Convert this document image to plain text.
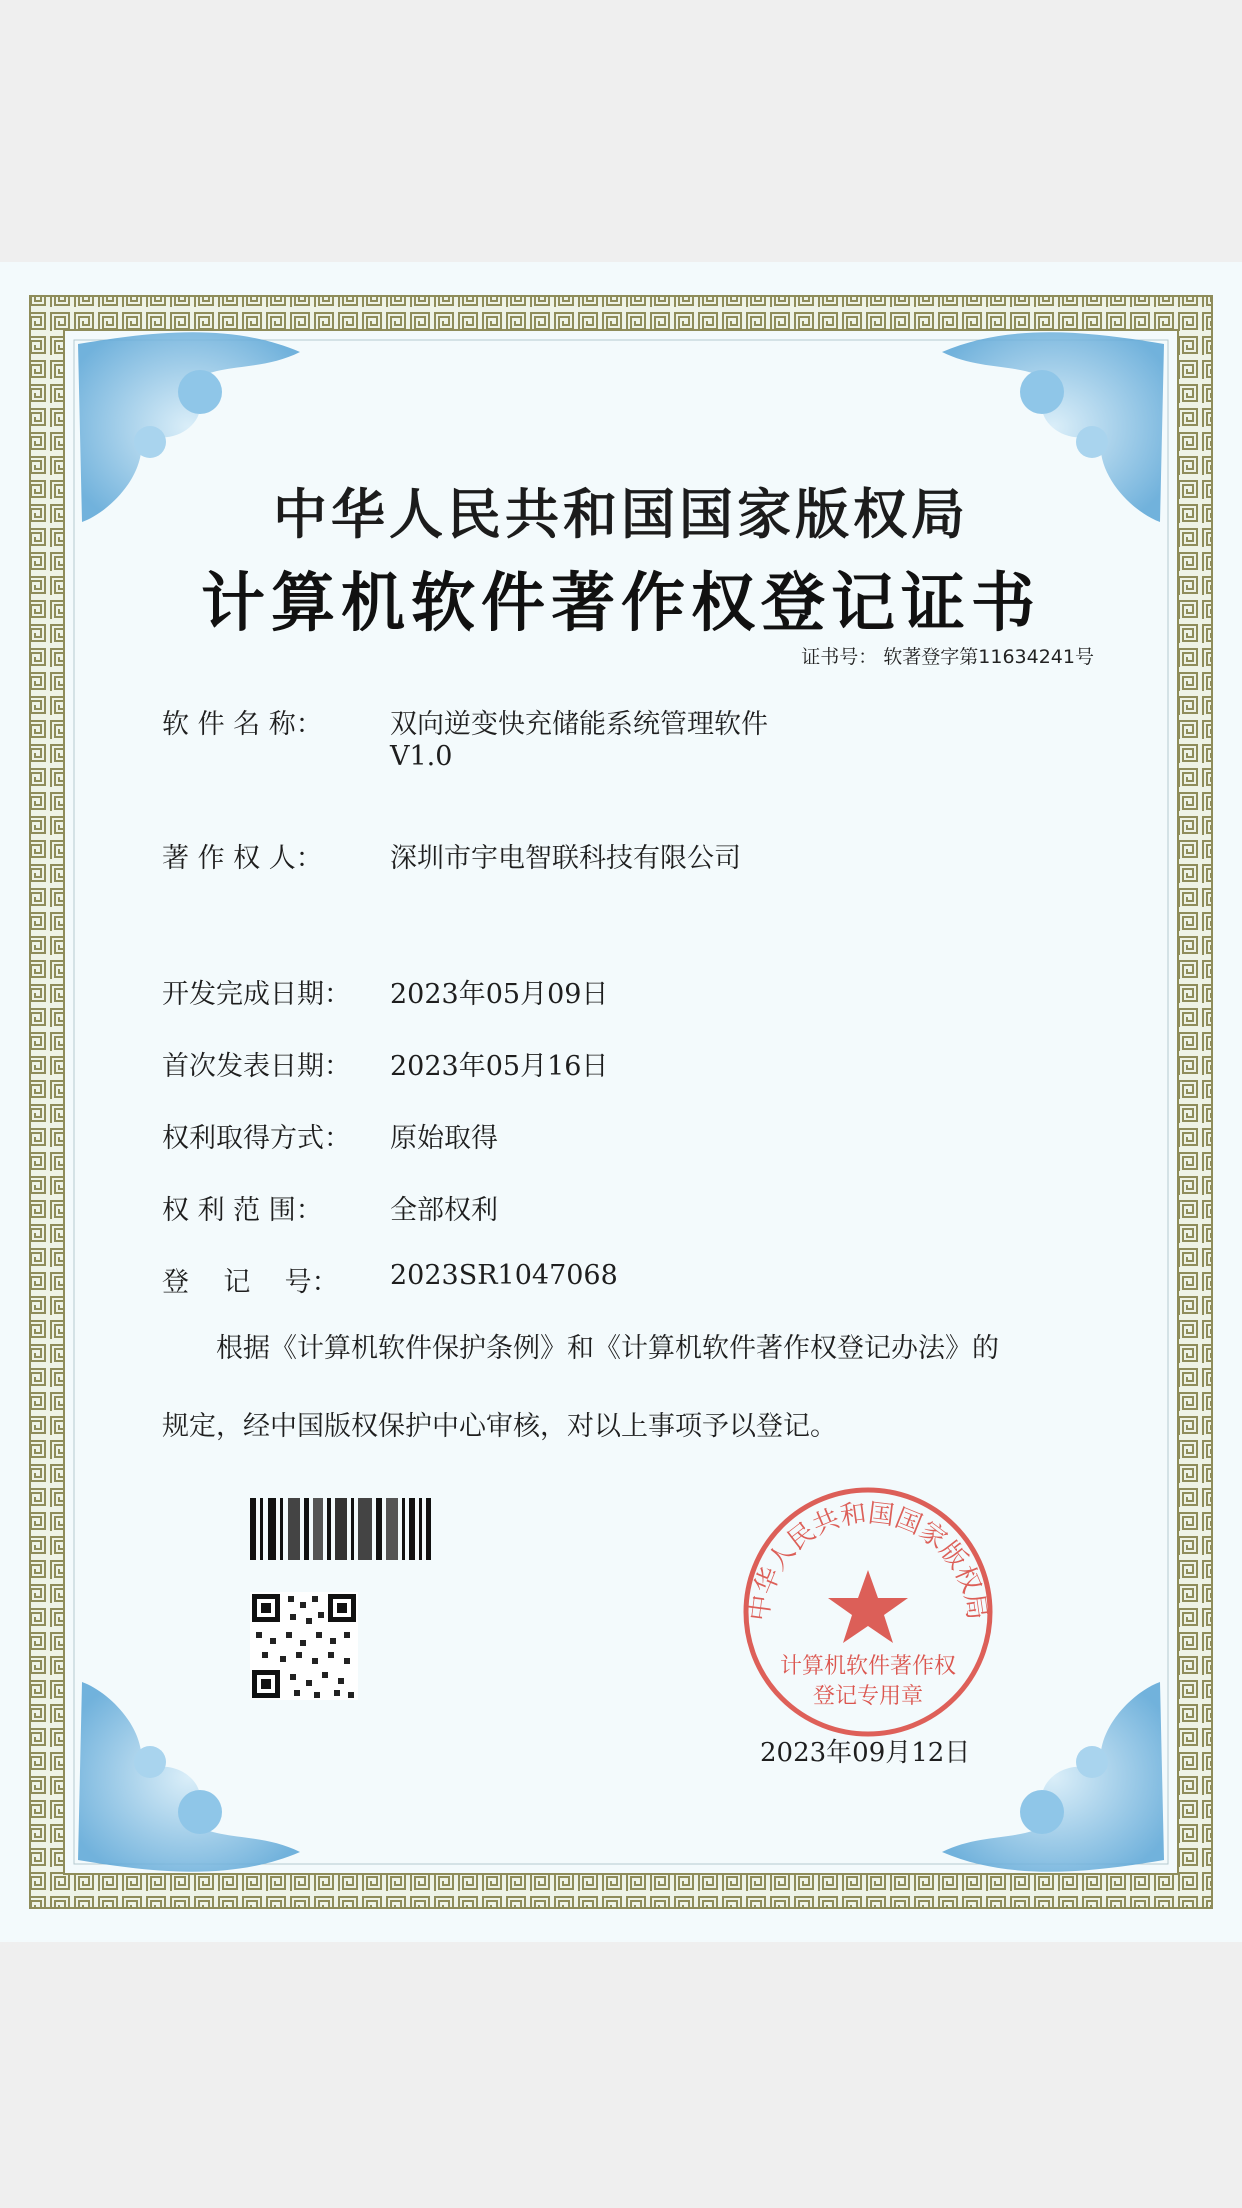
中华人民共和国国家版权局
中华人民共和国国家版权局
计算机软件著作权登记证书
证书号： 软著登字第11634241号
软 件 名 称： 双向逆变快充储能系统管理软件
V1.0
著 作 权 人： 深圳市宇电智联科技有限公司
开发完成日期： 2023年05月09日
首次发表日期： 2023年05月16日
权利取得方式： 原始取得
权 利 范 围： 全部权利
登    记    号： 2023SR1047068
根据《计算机软件保护条例》和《计算机软件著作权登记办法》的
规定，经中国版权保护中心审核，对以上事项予以登记。
计算机软件著作权
登记专用章
2023年09月12日
